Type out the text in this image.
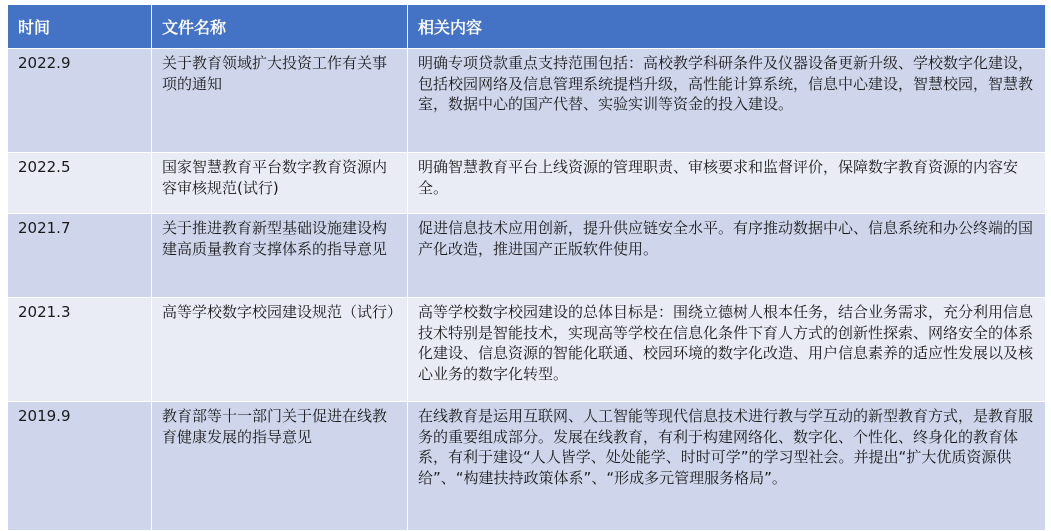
时间	文件名称	相关内容
2022.9	关于教育领域扩大投资工作有关事项的通知	明确专项贷款重点支持范围包括：高校教学科研条件及仪器设备更新升级、学校数字化建设，包括校园网络及信息管理系统提档升级，高性能计算系统，信息中心建设，智慧校园，智慧教室，数据中心的国产代替、实验实训等资金的投入建设。
2022.5	国家智慧教育平台数字教育资源内容审核规范(试行)	明确智慧教育平台上线资源的管理职责、审核要求和监督评价，保障数字教育资源的内容安全。
2021.7	关于推进教育新型基础设施建设构建高质量教育支撑体系的指导意见	促进信息技术应用创新，提升供应链安全水平。有序推动数据中心、信息系统和办公终端的国产化改造，推进国产正版软件使用。
2021.3	高等学校数字校园建设规范（试行）	高等学校数字校园建设的总体目标是：围绕立德树人根本任务，结合业务需求，充分利用信息技术特别是智能技术，实现高等学校在信息化条件下育人方式的创新性探索、网络安全的体系化建设、信息资源的智能化联通、校园环境的数字化改造、用户信息素养的适应性发展以及核心业务的数字化转型。
2019.9	教育部等十一部门关于促进在线教育健康发展的指导意见	在线教育是运用互联网、人工智能等现代信息技术进行教与学互动的新型教育方式，是教育服务的重要组成部分。发展在线教育，有利于构建网络化、数字化、个性化、终身化的教育体系，有利于建设“人人皆学、处处能学、时时可学”的学习型社会。并提出“扩大优质资源供给”、“构建扶持政策体系”、“形成多元管理服务格局”。
